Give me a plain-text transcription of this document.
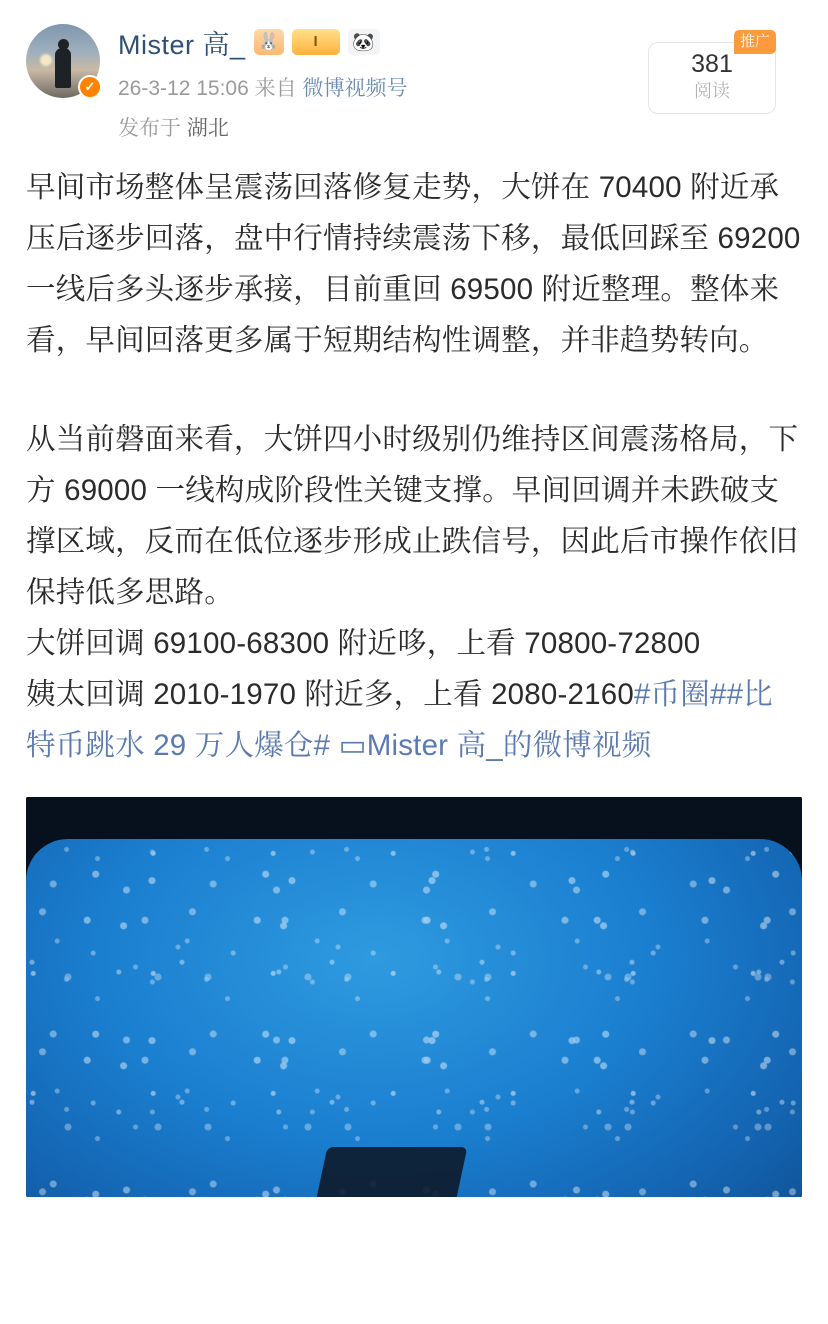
✓
Mister 高_ 🐰	I	🐼
26-3-12 15:06 来自 微博视频号
发布于 湖北
推广
381
阅读

早间市场整体呈震荡回落修复走势，大饼在 70400 附近承压后逐步回落，盘中行情持续震荡下移，最低回踩至 69200 一线后多头逐步承接，目前重回 69500 附近整理。整体来看，早间回落更多属于短期结构性调整，并非趋势转向。

从当前磐面来看，大饼四小时级别仍维持区间震荡格局，下方 69000 一线构成阶段性关键支撑。早间回调并未跌破支撑区域，反而在低位逐步形成止跌信号，因此后市操作依旧保持低多思路。

大饼回调 69100-68300 附近哆，上看 70800-72800

姨太回调 2010-1970 附近多，上看 2080-2160#币圈##比特币跳水 29 万人爆仓# ▭Mister 高_的微博视频
